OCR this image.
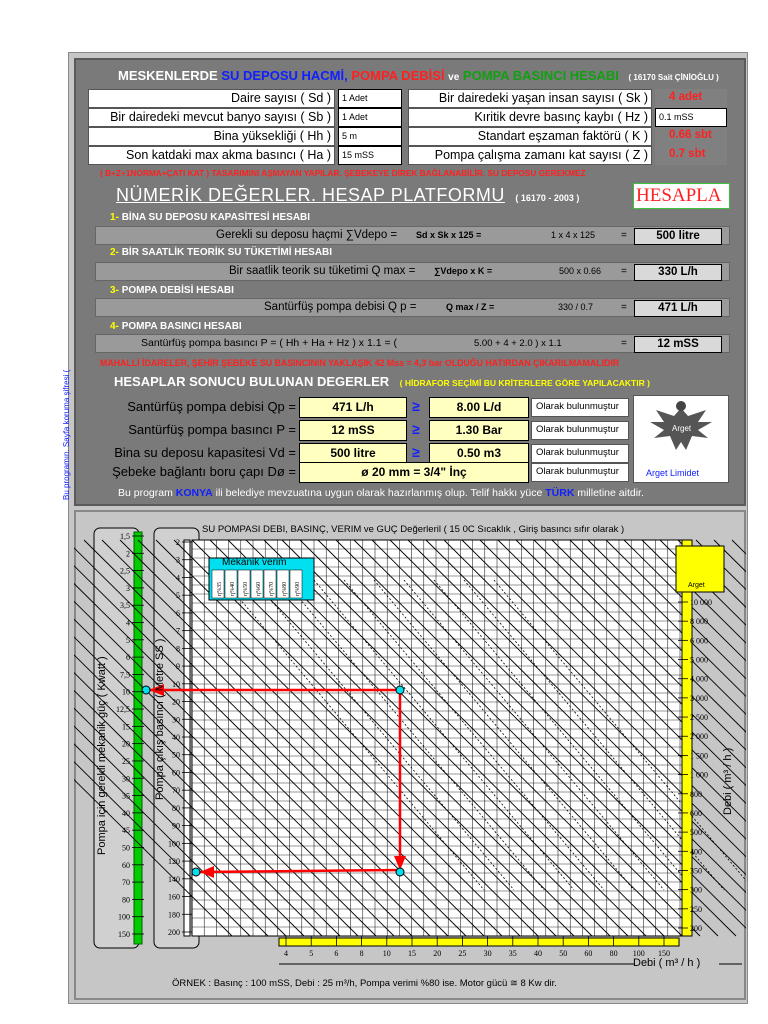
Bu programın. Sayfa koruma şifresi (
MESKENLERDE SU DEPOSU HACMİ, POMPA DEBİSİ ve POMPA BASINCI HESABI ( 16170 Sait ÇİNİOĞLU )
Daire sayısı ( Sd )	1 Adet	Bir dairedeki yaşan insan sayısı ( Sk )	4 adet
Bir dairedeki mevcut banyo sayısı ( Sb )	1 Adet	Kıritik devre basınç kaybı ( Hz )	0.1 mSS
Bina yüksekliği ( Hh )	5 m	Standart eşzaman faktörü ( K )	0.66 sbt
Son katdaki max akma basıncı ( Ha )	15 mSS	Pompa çalışma zamanı kat sayısı ( Z )	0.7 sbt
( B+Z+1NORMA+ÇATI KAT ) TASARIMINI AŞMAYAN YAPILAR. ŞEBEKEYE DİREK BAĞLANABİLİR. SU DEPOSU GEREKMEZ
NÜMERİK DEĞERLER. HESAP PLATFORMU ( 16170 - 2003 )	HESAPLA
1- BİNA SU DEPOSU KAPASİTESİ HESABI
Gerekli su deposu haçmi ∑Vdepo = Sd x Sk x 125 =	1 x 4 x 125	=	500 litre
2- BİR SAATLİK TEORİK SU TÜKETİMİ HESABI
Bir saatlik teorik su tüketimi Q max = ∑Vdepo x K =	500 x 0.66 =	330 L/h
3- POMPA DEBİSİ HESABI
Santürfüş pompa debisi Q p =	Q max / Z =	330 / 0.7	=	471 L/h
4- POMPA BASINCI HESABI
Santürfüş pompa basıncı P = ( Hh + Ha + Hz ) x 1.1 = (	5.00 + 4 + 2.0 ) x 1.1	=	12 mSS
MAHALLİ İDARELER, ŞEHİR ŞEBEKE SU BASINCININ YAKLAŞIK 42 Mss = 4,3 bar OLDUĞU HATIRDAN ÇIKARILMAMALIDIR
HESAPLAR SONUCU BULUNAN DEGERLER ( HİDRAFOR SEÇİMİ BU KRİTERLERE GÖRE YAPILACAKTIR )
Santürfüş pompa debisi Qp =	471 L/h	≥	8.00 L/d	Olarak bulunmuştur
Santürfüş pompa basıncı P =	12 mSS	≥	1.30 Bar	Olarak bulunmuştur
Bina su deposu kapasitesi Vd =	500 litre	≥	0.50 m3	Olarak bulunmuştur
Şebeke bağlantı boru çapı Dø =	ø 20 mm = 3/4" İnç	Olarak bulunmuştur
Arget
Arget Limidet
Bu program KONYA ili belediye mevzuatına uygun olarak hazırlanmış olup. Telif hakkı yüce TÜRK milletine aitdir.
SU POMPASI DEBI, BASINÇ, VERIM ve GUÇ Değerleril ( 15 0C Sıcaklık , Giriş basıncı sıfır olarak )
η%35 η%40 η%50 η%60 η%70 η%80 η%90
1,5
2
2,5
3
3,5
4
5
6
7,5
10
12,5
15
20
25
30
35
40
45
50
60
70
80
100
150
2
3
4
5
6
7
8
9
10
20
30
40
50
60
70
80
90
100
120
140
160
180
200
10 000
8 000
6 000
5 000
4 000
3 000
2 500
2 000
1 500
1 000
800
600
500
400
350
300
250
200
4	5	6	8 10 15 20 25 30 35 40 50 60 80 100 150
Mekanik verim
Pompa için gerekli mekanik güç ( Kwatt )	Pompa çıkış basıncı ( Metre SS )	Debi ( m³ / h )
Debi ( m³ / h )
Arget
ÖRNEK : Basınç : 100 mSS, Debi : 25 m³/h, Pompa verimi %80 ise. Motor gücü ≅ 8 Kw dir.
